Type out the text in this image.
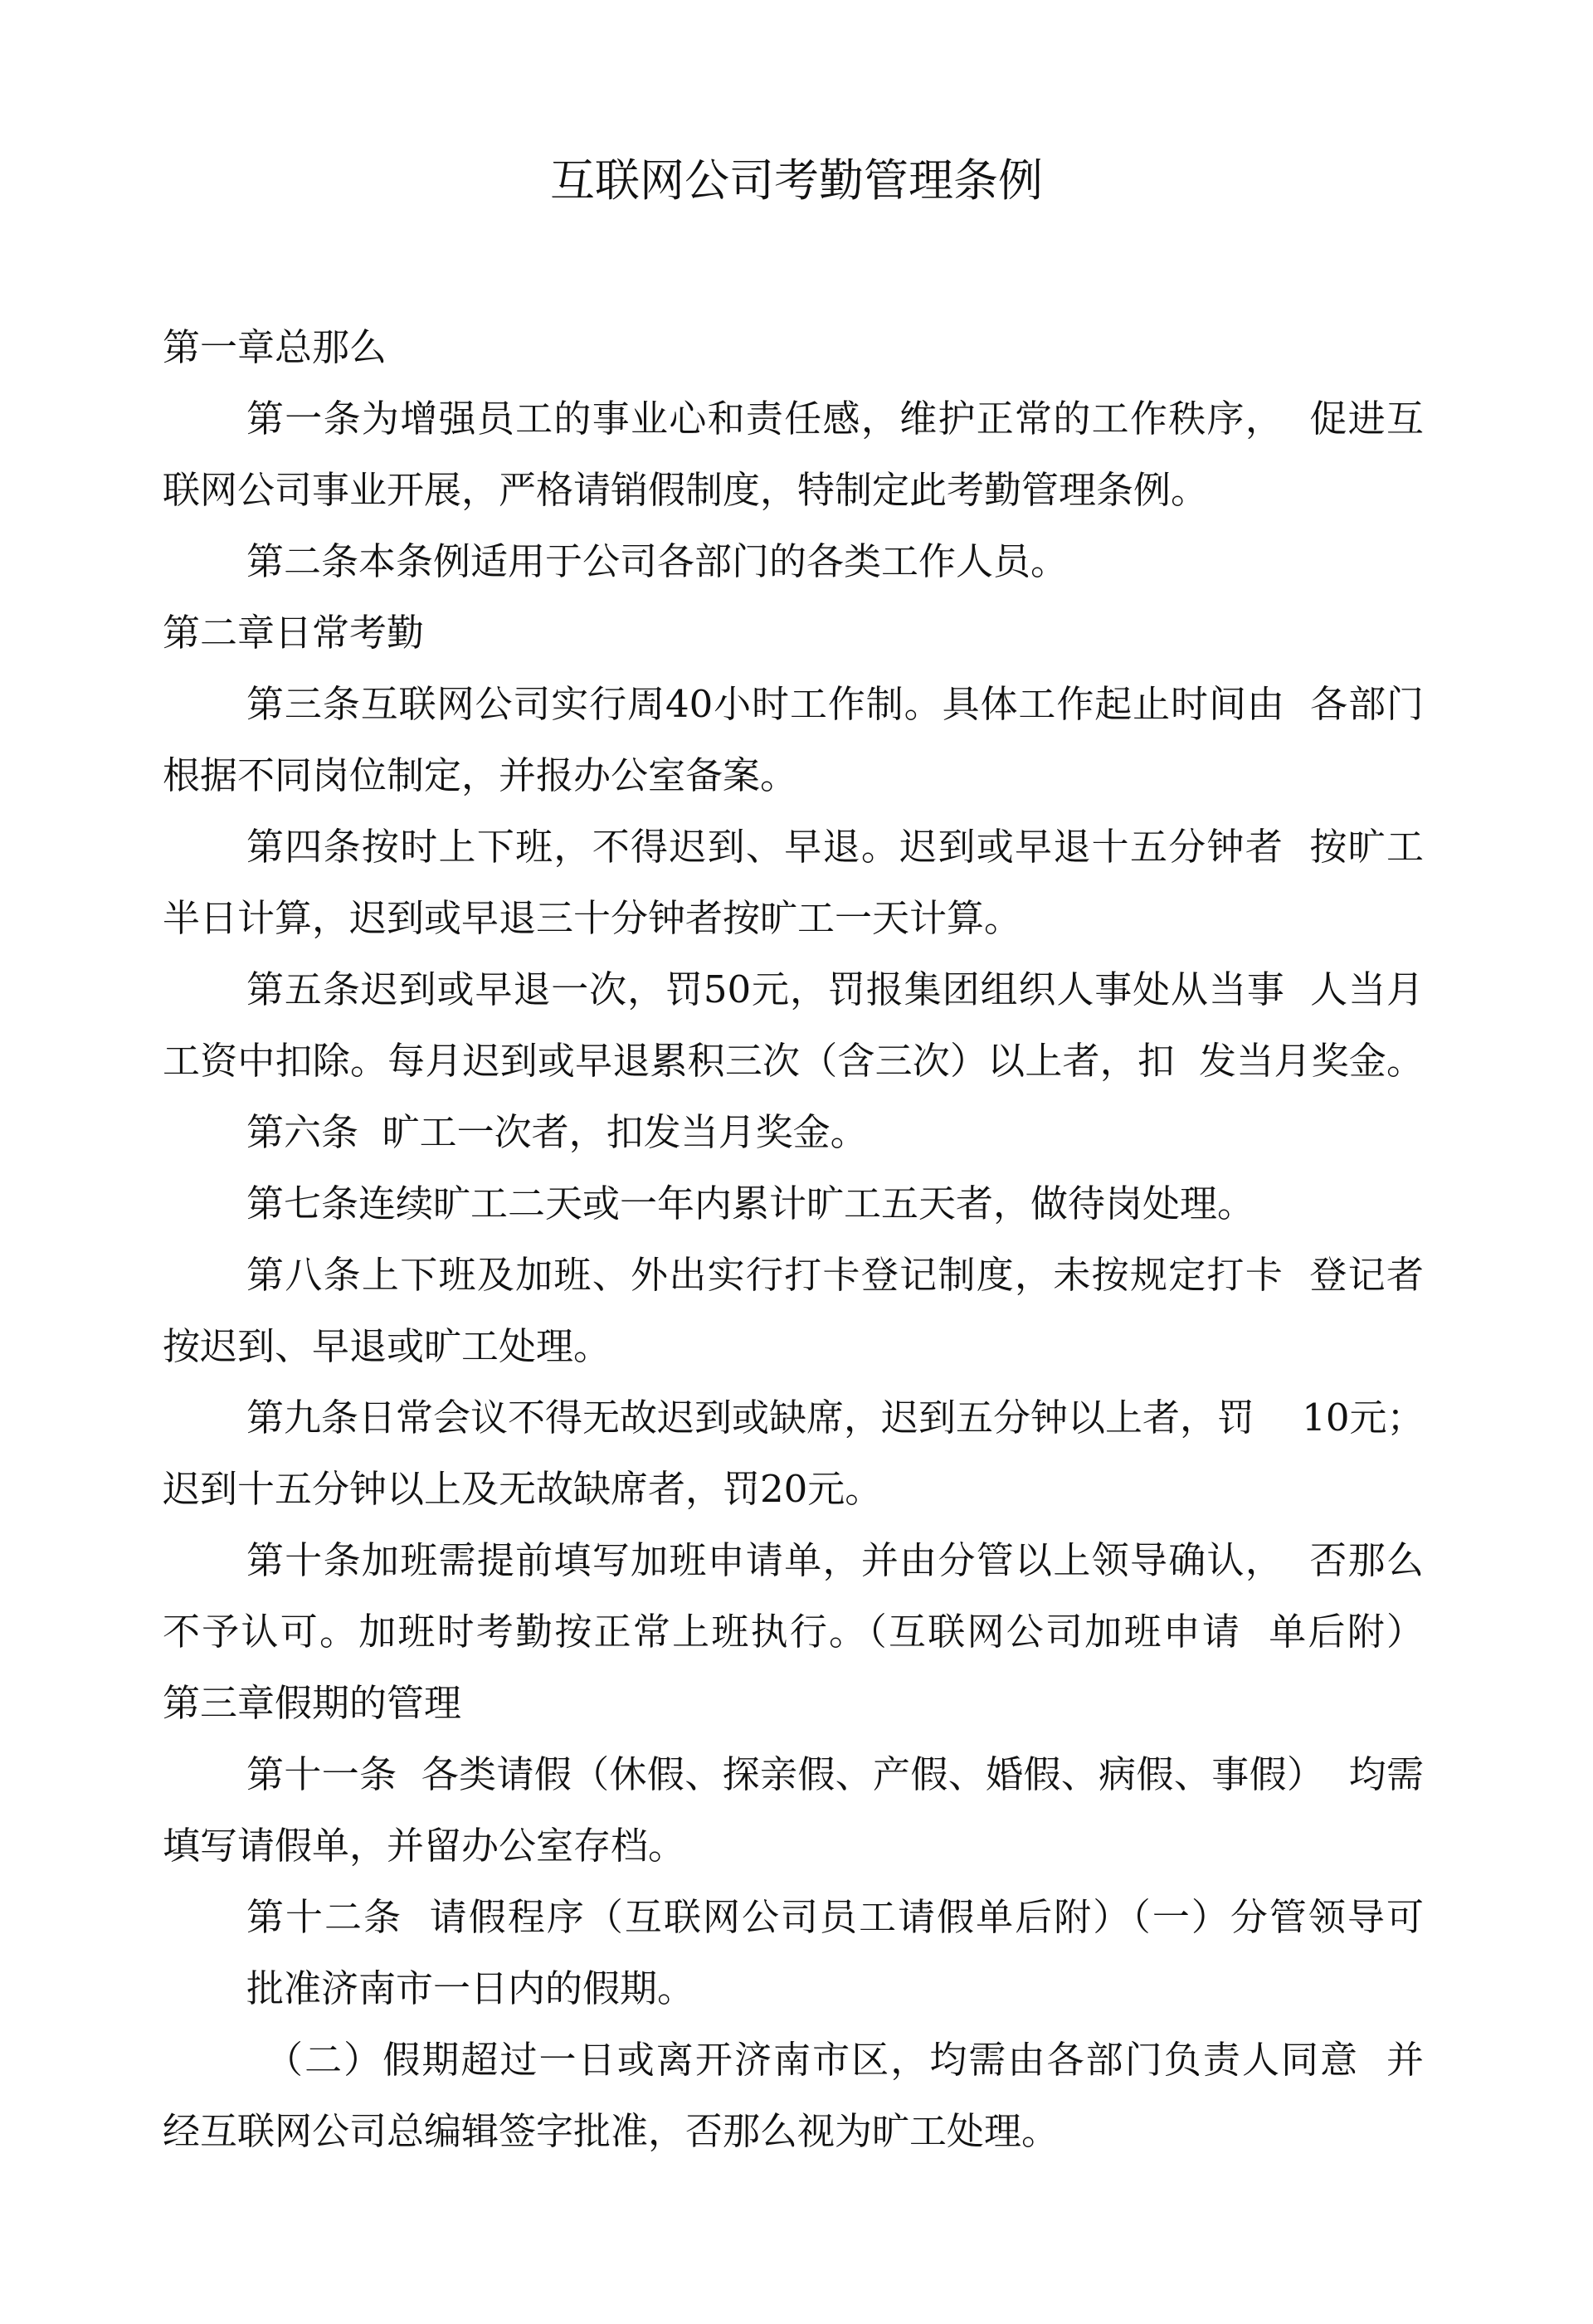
互联网公司考勤管理条例
第一章总那么
第一条为增强员工的事业心和责任感，维护正常的工作秩序，  促进互
联网公司事业开展，严格请销假制度，特制定此考勤管理条例。
第二条本条例适用于公司各部门的各类工作人员。
第二章日常考勤
第三条互联网公司实行周40小时工作制。具体工作起止时间由  各部门
根据不同岗位制定，并报办公室备案。
第四条按时上下班，不得迟到、早退。迟到或早退十五分钟者  按旷工
半日计算，迟到或早退三十分钟者按旷工一天计算。
第五条迟到或早退一次，罚50元，罚报集团组织人事处从当事  人当月
工资中扣除。每月迟到或早退累积三次（含三次）以上者，扣  发当月奖金。
第六条  旷工一次者，扣发当月奖金。
第七条连续旷工二天或一年内累计旷工五天者，做待岗处理。
第八条上下班及加班、外出实行打卡登记制度，未按规定打卡  登记者
按迟到、早退或旷工处理。
第九条日常会议不得无故迟到或缺席，迟到五分钟以上者，罚    10元；
迟到十五分钟以上及无故缺席者，罚20元。
第十条加班需提前填写加班申请单，并由分管以上领导确认，  否那么
不予认可。加班时考勤按正常上班执行。（互联网公司加班申请  单后附）
第三章假期的管理
第十一条  各类请假（休假、探亲假、产假、婚假、病假、事假）  均需
填写请假单，并留办公室存档。
第十二条  请假程序（互联网公司员工请假单后附）（一）分管领导可
批准济南市一日内的假期。
（二）假期超过一日或离开济南市区，均需由各部门负责人同意  并
经互联网公司总编辑签字批准，否那么视为旷工处理。
